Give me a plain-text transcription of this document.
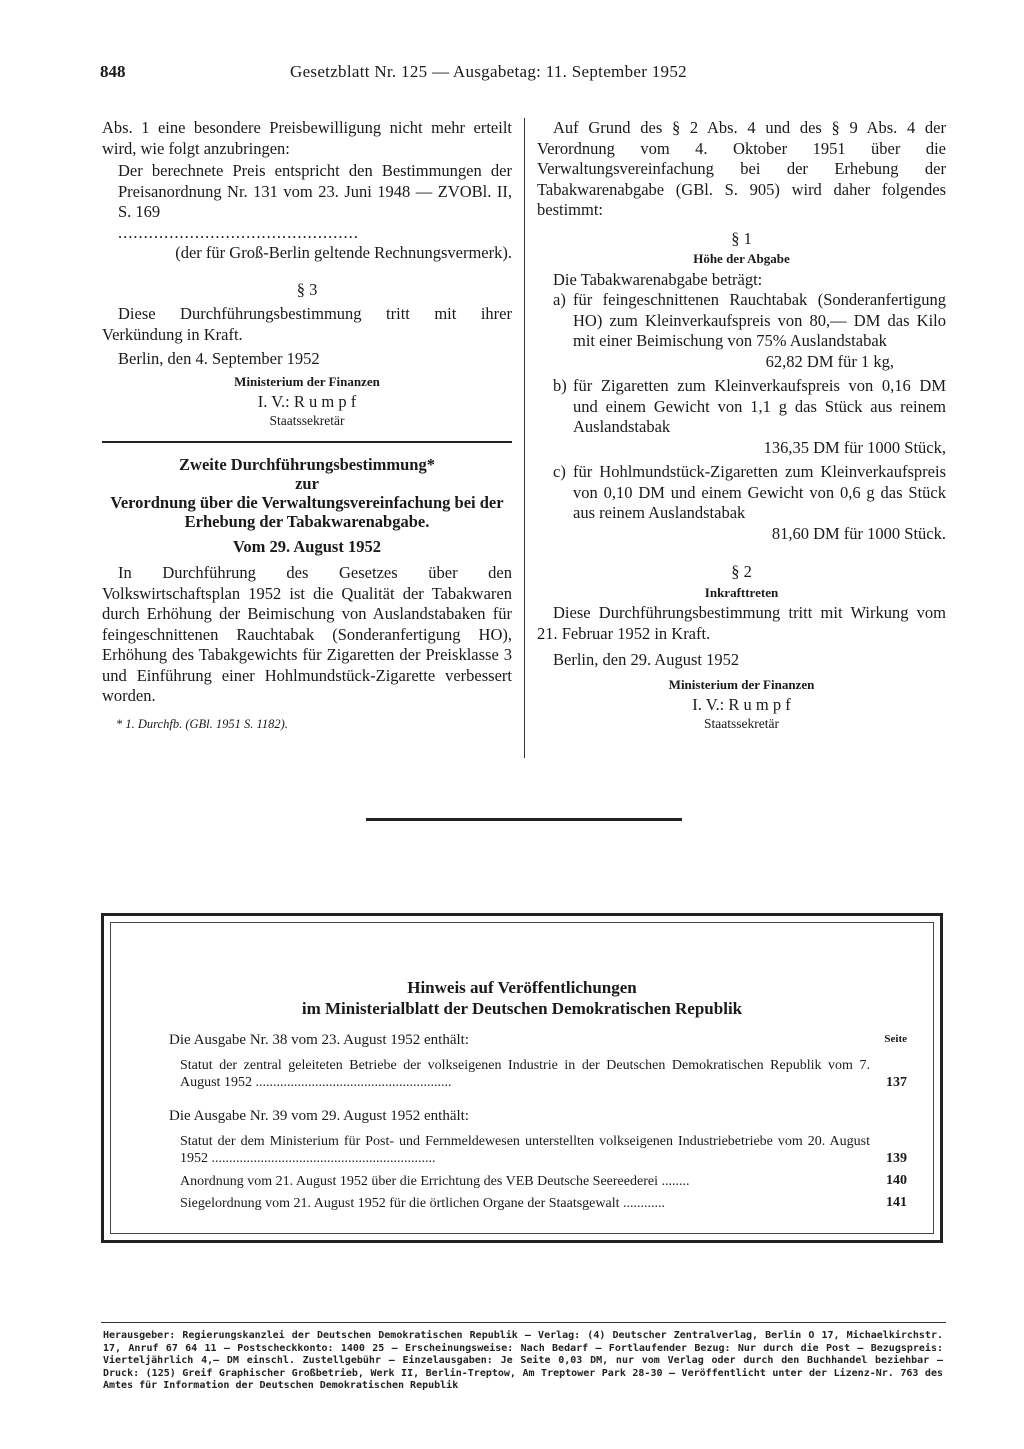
848	Gesetzblatt Nr. 125 — Ausgabetag: 11. September 1952

Abs. 1 eine besondere Preisbewilligung nicht mehr erteilt wird, wie folgt anzubringen:

Der berechnete Preis entspricht den Bestimmungen der Preisanordnung Nr. 131 vom 23. Juni 1948 — ZVOBl. II, S. 169

...............................................

(der für Groß-Berlin geltende Rechnungsvermerk).

§ 3

Diese Durchführungsbestimmung tritt mit ihrer Verkündung in Kraft.

Berlin, den 4. September 1952

Ministerium der Finanzen

I. V.: R u m p f

Staatssekretär

Zweite Durchführungsbestimmung*

zur

Verordnung über die Verwaltungsvereinfachung bei der Erhebung der Tabakwarenabgabe.

Vom 29. August 1952

In Durchführung des Gesetzes über den Volkswirtschaftsplan 1952 ist die Qualität der Tabakwaren durch Erhöhung der Beimischung von Auslandstabaken für feingeschnittenen Rauchtabak (Sonderanfertigung HO), Erhöhung des Tabakgewichts für Zigaretten der Preisklasse 3 und Einführung einer Hohlmundstück-Zigarette verbessert worden.

* 1. Durchfb. (GBl. 1951 S. 1182).

Auf Grund des § 2 Abs. 4 und des § 9 Abs. 4 der Verordnung vom 4. Oktober 1951 über die Verwaltungsvereinfachung bei der Erhebung der Tabakwarenabgabe (GBl. S. 905) wird daher folgendes bestimmt:

§ 1

Höhe der Abgabe

Die Tabakwarenabgabe beträgt:

a) für feingeschnittenen Rauchtabak (Sonderanfertigung HO) zum Kleinverkaufspreis von 80,— DM das Kilo mit einer Beimischung von 75% Auslandstabak

62,82 DM für 1 kg,

b) für Zigaretten zum Kleinverkaufspreis von 0,16 DM und einem Gewicht von 1,1 g das Stück aus reinem Auslandstabak

136,35 DM für 1000 Stück,

c) für Hohlmundstück-Zigaretten zum Kleinverkaufspreis von 0,10 DM und einem Gewicht von 0,6 g das Stück aus reinem Auslandstabak

81,60 DM für 1000 Stück.

§ 2

Inkrafttreten

Diese Durchführungsbestimmung tritt mit Wirkung vom 21. Februar 1952 in Kraft.

Berlin, den 29. August 1952

Ministerium der Finanzen

I. V.: R u m p f

Staatssekretär

Hinweis auf Veröffentlichungen
im Ministerialblatt der Deutschen Demokratischen Republik
Die Ausgabe Nr. 38 vom 23. August 1952 enthält:	Seite
Statut der zentral geleiteten Betriebe der volkseigenen Industrie in der Deutschen Demokratischen Republik vom 7. August 1952 ........................................................	137
Die Ausgabe Nr. 39 vom 29. August 1952 enthält:
Statut der dem Ministerium für Post- und Fernmeldewesen unterstellten volkseigenen Industriebetriebe vom 20. August 1952 ................................................................	139
Anordnung vom 21. August 1952 über die Errichtung des VEB Deutsche Seereederei ........	140
Siegelordnung vom 21. August 1952 für die örtlichen Organe der Staatsgewalt ............	141
Herausgeber: Regierungskanzlei der Deutschen Demokratischen Republik — Verlag: (4) Deutscher Zentralverlag, Berlin O 17, Michaelkirchstr. 17, Anruf 67 64 11 — Postscheckkonto: 1400 25 — Erscheinungsweise: Nach Bedarf — Fortlaufender Bezug: Nur durch die Post — Bezugspreis: Vierteljährlich 4,— DM einschl. Zustellgebühr — Einzelausgaben: Je Seite 0,03 DM, nur vom Verlag oder durch den Buchhandel beziehbar — Druck: (125) Greif Graphischer Großbetrieb, Werk II, Berlin-Treptow, Am Treptower Park 28-30 — Veröffentlicht unter der Lizenz-Nr. 763 des Amtes für Information der Deutschen Demokratischen Republik
